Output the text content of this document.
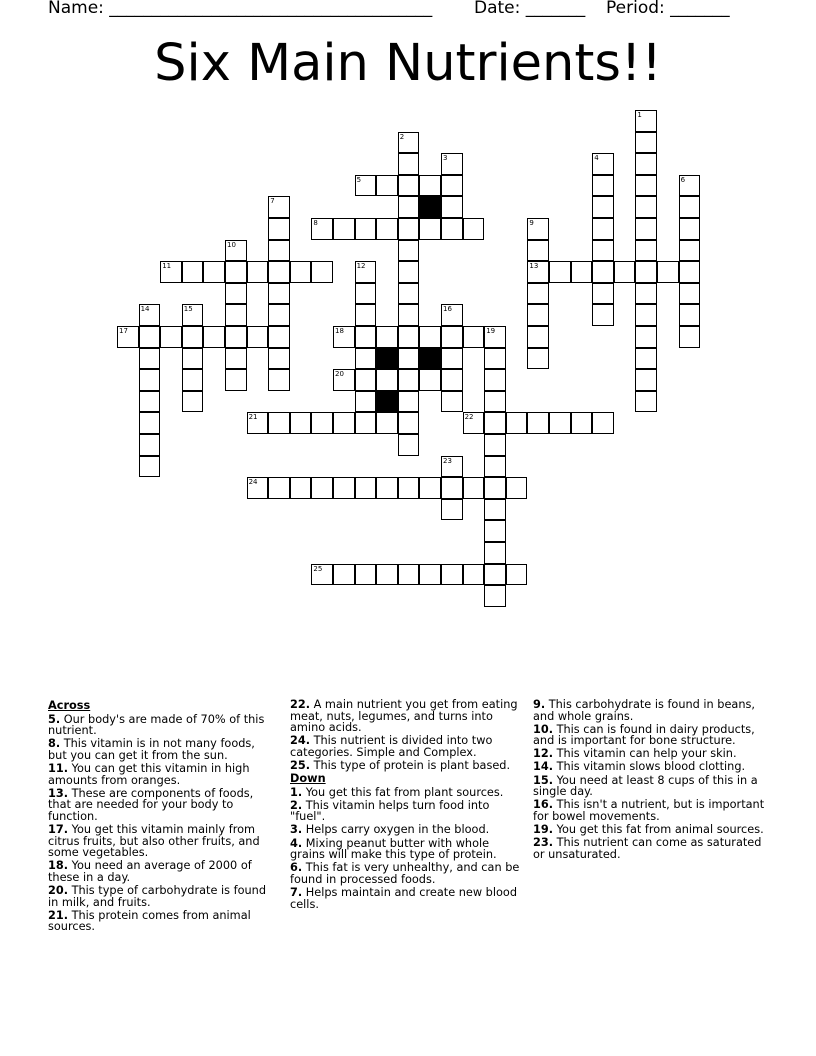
Name: ______________________________________ Date: _______ Period: _______
Six Main Nutrients!!
1
2
3	4
6
5
7
8	9
10
11	12	13
14	15	16
17	18	19
20
21	22
23
24
25
Across
5. Our body's are made of 70% of this nutrient.
8. This vitamin is in not many foods, but you can get it from the sun.
11. You can get this vitamin in high amounts from oranges.
13. These are components of foods, that are needed for your body to function.
17. You get this vitamin mainly from citrus fruits, but also other fruits, and some vegetables.
18. You need an average of 2000 of these in a day.
20. This type of carbohydrate is found in milk, and fruits.
21. This protein comes from animal sources.
22. A main nutrient you get from eating meat, nuts, legumes, and turns into amino acids.
24. This nutrient is divided into two categories. Simple and Complex.
25. This type of protein is plant based.
Down
1. You get this fat from plant sources.
2. This vitamin helps turn food into "fuel".
3. Helps carry oxygen in the blood.
4. Mixing peanut butter with whole grains will make this type of protein.
6. This fat is very unhealthy, and can be found in processed foods.
7. Helps maintain and create new blood cells.
9. This carbohydrate is found in beans, and whole grains.
10. This can is found in dairy products, and is important for bone structure.
12. This vitamin can help your skin.
14. This vitamin slows blood clotting.
15. You need at least 8 cups of this in a single day.
16. This isn't a nutrient, but is important for bowel movements.
19. You get this fat from animal sources.
23. This nutrient can come as saturated or unsaturated.
